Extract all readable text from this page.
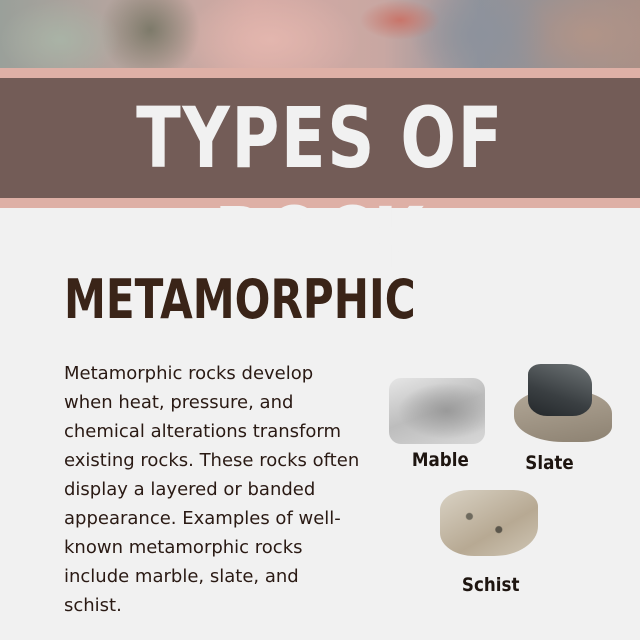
TYPES OF ROCK
METAMORPHIC
Metamorphic rocks develop
when heat, pressure, and
chemical alterations transform
existing rocks. These rocks often
display a layered or banded
appearance. Examples of well-
known metamorphic rocks
include marble, slate, and
schist.
Mable	Slate
Schist
